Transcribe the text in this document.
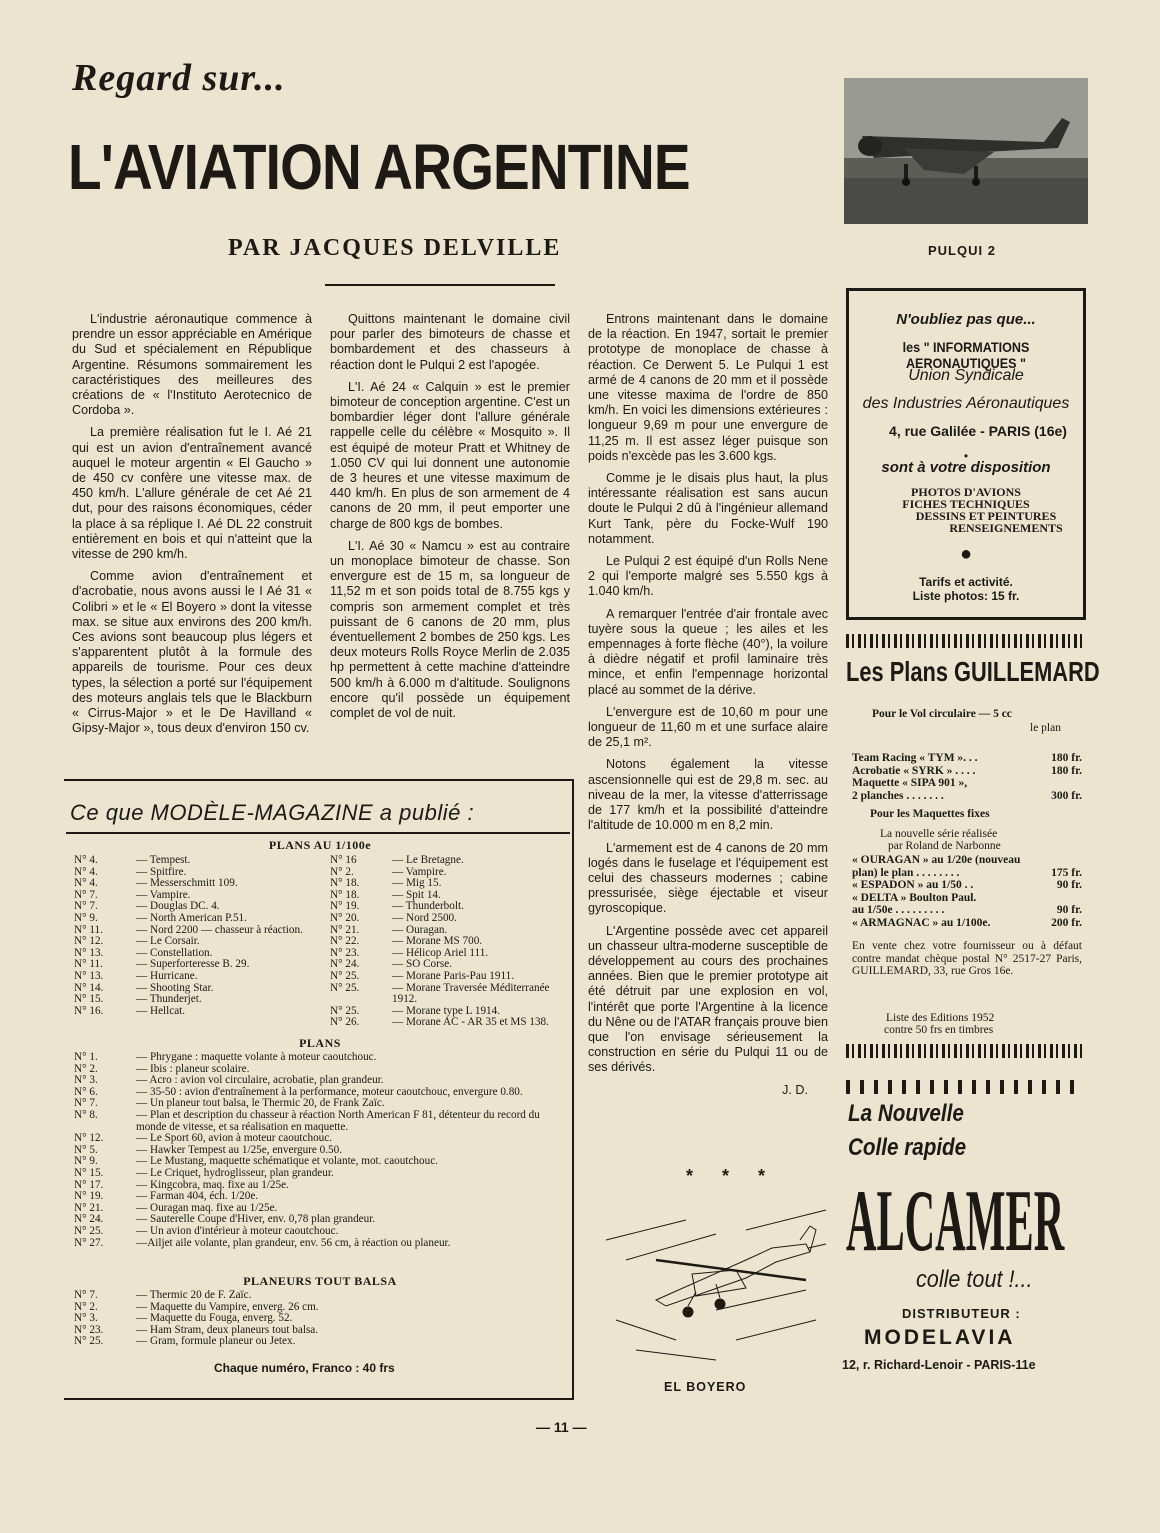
Regard sur...
L'AVIATION ARGENTINE
PAR JACQUES DELVILLE	PULQUI 2

L'industrie aéronautique commence à prendre un essor appréciable en Amérique du Sud et spécialement en République Argentine. Résumons sommairement les caractéristiques des meilleures des créations de « l'Instituto Aerotecnico de Cordoba ».

La première réalisation fut le I. Aé 21 qui est un avion d'entraînement avancé auquel le moteur argentin « El Gaucho » de 450 cv confère une vitesse max. de 450 km/h. L'allure générale de cet Aé 21 dut, pour des raisons économiques, céder la place à sa réplique I. Aé DL 22 construit entièrement en bois et qui n'atteint que la vitesse de 290 km/h.

Comme avion d'entraînement et d'acrobatie, nous avons aussi le I Aé 31 « Colibri » et le « El Boyero » dont la vitesse max. se situe aux environs des 200 km/h. Ces avions sont beaucoup plus légers et s'apparentent plutôt à la formule des appareils de tourisme. Pour ces deux types, la sélection a porté sur l'équipement des moteurs anglais tels que le Blackburn « Cirrus-Major » et le De Havilland « Gipsy-Major », tous deux d'environ 150 cv.

Quittons maintenant le domaine civil pour parler des bimoteurs de chasse et bombardement et des chasseurs à réaction dont le Pulqui 2 est l'apogée.

L'I. Aé 24 « Calquin » est le premier bimoteur de conception argentine. C'est un bombardier léger dont l'allure générale rappelle celle du célèbre « Mosquito ». Il est équipé de moteur Pratt et Whitney de 1.050 CV qui lui donnent une autonomie de 3 heures et une vitesse maximum de 440 km/h. En plus de son armement de 4 canons de 20 mm, il peut emporter une charge de 800 kgs de bombes.

L'I. Aé 30 « Namcu » est au contraire un monoplace bimoteur de chasse. Son envergure est de 15 m, sa longueur de 11,52 m et son poids total de 8.755 kgs y compris son armement complet et très puissant de 6 canons de 20 mm, plus éventuellement 2 bombes de 250 kgs. Les deux moteurs Rolls Royce Merlin de 2.035 hp permettent à cette machine d'atteindre 500 km/h à 6.000 m d'altitude. Soulignons encore qu'il possède un équipement complet de vol de nuit.

Entrons maintenant dans le domaine de la réaction. En 1947, sortait le premier prototype de monoplace de chasse à réaction. Ce Derwent 5. Le Pulqui 1 est armé de 4 canons de 20 mm et il possède une vitesse maxima de l'ordre de 850 km/h. En voici les dimensions extérieures : longueur 9,69 m pour une envergure de 11,25 m. Il est assez léger puisque son poids n'excède pas les 3.600 kgs.

Comme je le disais plus haut, la plus intéressante réalisation est sans aucun doute le Pulqui 2 dû à l'ingénieur allemand Kurt Tank, père du Focke-Wulf 190 notamment.

Le Pulqui 2 est équipé d'un Rolls Nene 2 qui l'emporte malgré ses 5.550 kgs à 1.040 km/h.

A remarquer l'entrée d'air frontale avec tuyère sous la queue ; les ailes et les empennages à forte flèche (40°), la voilure à dièdre négatif et profil laminaire très mince, et enfin l'empennage horizontal placé au sommet de la dérive.

L'envergure est de 10,60 m pour une longueur de 11,60 m et une surface alaire de 25,1 m².

Notons également la vitesse ascensionnelle qui est de 29,8 m. sec. au niveau de la mer, la vitesse d'atterrissage de 177 km/h et la possibilité d'atteindre l'altitude de 10.000 m en 8,2 min.

L'armement est de 4 canons de 20 mm logés dans le fuselage et l'équipement est celui des chasseurs modernes ; cabine pressurisée, siège éjectable et viseur gyroscopique.

L'Argentine possède avec cet appareil un chasseur ultra-moderne susceptible de développement au cours des prochaines années. Bien que le premier prototype ait été détruit par une explosion en vol, l'intérêt que porte l'Argentine à la licence du Nêne ou de l'ATAR français prouve bien que l'on envisage sérieusement la construction en série du Pulqui 11 ou de ses dérivés.

J. D.
Ce que MODÈLE-MAGAZINE a publié :
PLANS AU 1/100e
N° 4.	— Tempest.
N° 4.	— Spitfire.
N° 4.	— Messerschmitt 109.
N° 7.	— Vampire.
N° 7.	— Douglas DC. 4.
N° 9.	— North American P.51.
N° 11.	— Nord 2200 — chasseur à réaction.
N° 12.	— Le Corsair.
N° 13.	— Constellation.
N° 11.	— Superforteresse B. 29.
N° 13.	— Hurricane.
N° 14.	— Shooting Star.
N° 15.	— Thunderjet.
N° 16.	— Hellcat.
N° 16	— Le Bretagne.
N° 2.	— Vampire.
N° 18.	— Mig 15.
N° 18.	— Spit 14.
N° 19.	— Thunderbolt.
N° 20.	— Nord 2500.
N° 21.	— Ouragan.
N° 22.	— Morane MS 700.
N° 23.	— Hélicop Ariel 111.
N° 24.	— SO Corse.
N° 25.	— Morane Paris-Pau 1911.
N° 25.	— Morane Traversée Méditerranée 1912.
N° 25.	— Morane type L 1914.
N° 26.	— Morane AC - AR 35 et MS 138.
PLANS
N° 1.	— Phrygane : maquette volante à moteur caoutchouc.
N° 2.	— Ibis : planeur scolaire.
N° 3.	— Acro : avion vol circulaire, acrobatie, plan grandeur.
N° 6.	— 35-50 : avion d'entraînement à la performance, moteur caoutchouc, envergure 0.80.
N° 7.	— Un planeur tout balsa, le Thermic 20, de Frank Zaïc.
N° 8.	— Plan et description du chasseur à réaction North American F 81, détenteur du record du monde de vitesse, et sa réalisation en maquette.
N° 12.	— Le Sport 60, avion à moteur caoutchouc.
N° 5.	— Hawker Tempest au 1/25e, envergure 0.50.
N° 9.	— Le Mustang, maquette schématique et volante, mot. caoutchouc.
N° 15.	— Le Criquet, hydroglisseur, plan grandeur.
N° 17.	— Kingcobra, maq. fixe au 1/25e.
N° 19.	— Farman 404, éch. 1/20e.
N° 21.	— Ouragan maq. fixe au 1/25e.
N° 24.	— Sauterelle Coupe d'Hiver, env. 0,78 plan grandeur.
N° 25.	— Un avion d'intérieur à moteur caoutchouc.
N° 27.	—Ailjet aile volante, plan grandeur, env. 56 cm, à réaction ou planeur.
PLANEURS TOUT BALSA
N° 7.	— Thermic 20 de F. Zaïc.
N° 2.	— Maquette du Vampire, enverg. 26 cm.
N° 3.	— Maquette du Fouga, enverg. 52.
N° 23.	— Ham Stram, deux planeurs tout balsa.
N° 25.	— Gram, formule planeur ou Jetex.
Chaque numéro, Franco : 40 frs
N'oubliez pas que...
les " INFORMATIONS AERONAUTIQUES "
Union Syndicale
des Industries Aéronautiques
4, rue Galilée - PARIS (16e)
•
sont à votre disposition
PHOTOS D'AVIONS
FICHES TECHNIQUES
DESSINS ET PEINTURES
RENSEIGNEMENTS
●
Tarifs et activité.
Liste photos: 15 fr.
Les Plans GUILLEMARD
Pour le Vol circulaire — 5 cc
le plan
Team Racing « TYM ». . .	180 fr.
Acrobatie « SYRK » . . . .	180 fr.
Maquette « SIPA 901 »,
2 planches . . . . . . .	300 fr.
Pour les Maquettes fixes
La nouvelle série réalisée
par Roland de Narbonne
« OURAGAN » au 1/20e (nouveau
plan) le plan . . . . . . . .	175 fr.
« ESPADON » au 1/50 . .	90 fr.
« DELTA » Boulton Paul.
au 1/50e . . . . . . . . .	90 fr.
« ARMAGNAC » au 1/100e.	200 fr.
En vente chez votre fournisseur ou à défaut contre mandat chèque postal N° 2517-27 Paris, GUILLEMARD, 33, rue Gros 16e.
Liste des Editions 1952
contre 50 frs en timbres
La Nouvelle
Colle rapide
ALCAMER
colle tout !...
DISTRIBUTEUR :
MODELAVIA
12, r. Richard-Lenoir - PARIS-11e
* * *
EL BOYERO
— 11 —
